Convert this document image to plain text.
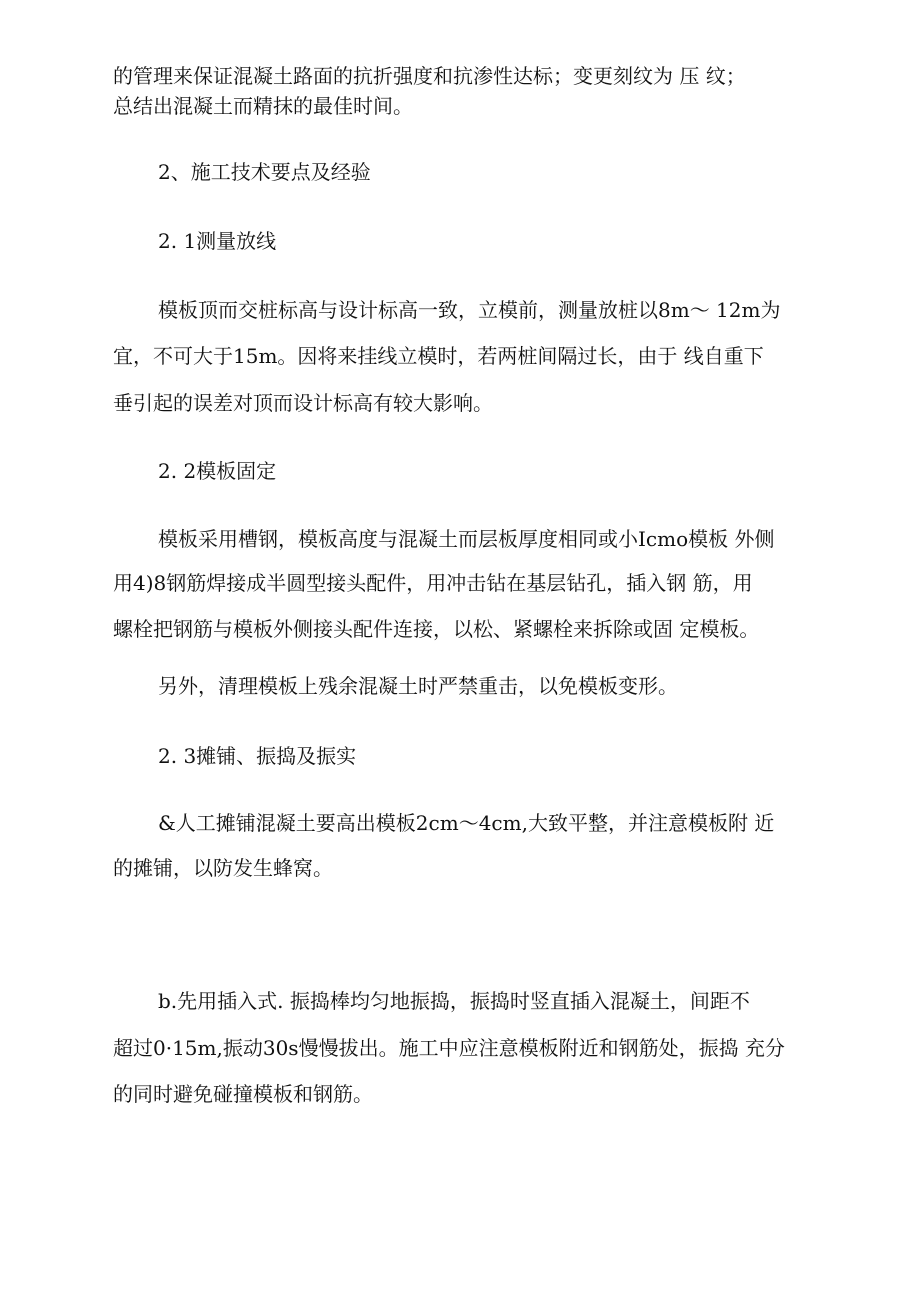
的管理来保证混凝土路面的抗折强度和抗渗性达标；变更刻纹为 压 纹；
总结出混凝土而精抹的最佳时间。
2、施工技术要点及经验
2. 1测量放线
模板顶而交桩标高与设计标高一致，立模前，测量放桩以8m～ 12m为
宜，不可大于15m。因将来挂线立模时，若两桩间隔过长，由于 线自重下
垂引起的误差对顶而设计标高有较大影响。
2. 2模板固定
模板采用槽钢，模板高度与混凝土而层板厚度相同或小Icmo模板 外侧
用4)8钢筋焊接成半圆型接头配件，用冲击钻在基层钻孔，插入钢 筋，用
螺栓把钢筋与模板外侧接头配件连接，以松、紧螺栓来拆除或固 定模板。
另外，清理模板上残余混凝土时严禁重击，以免模板变形。
2. 3摊铺、振捣及振实
&人工摊铺混凝土要高出模板2cm～4cm,大致平整，并注意模板附 近
的摊铺，以防发生蜂窝。
b.先用插入式. 振捣棒均匀地振捣，振捣时竖直插入混凝土，间距不
超过0·15m,振动30s慢慢拔出。施工中应注意模板附近和钢筋处，振捣 充分
的同时避免碰撞模板和钢筋。
